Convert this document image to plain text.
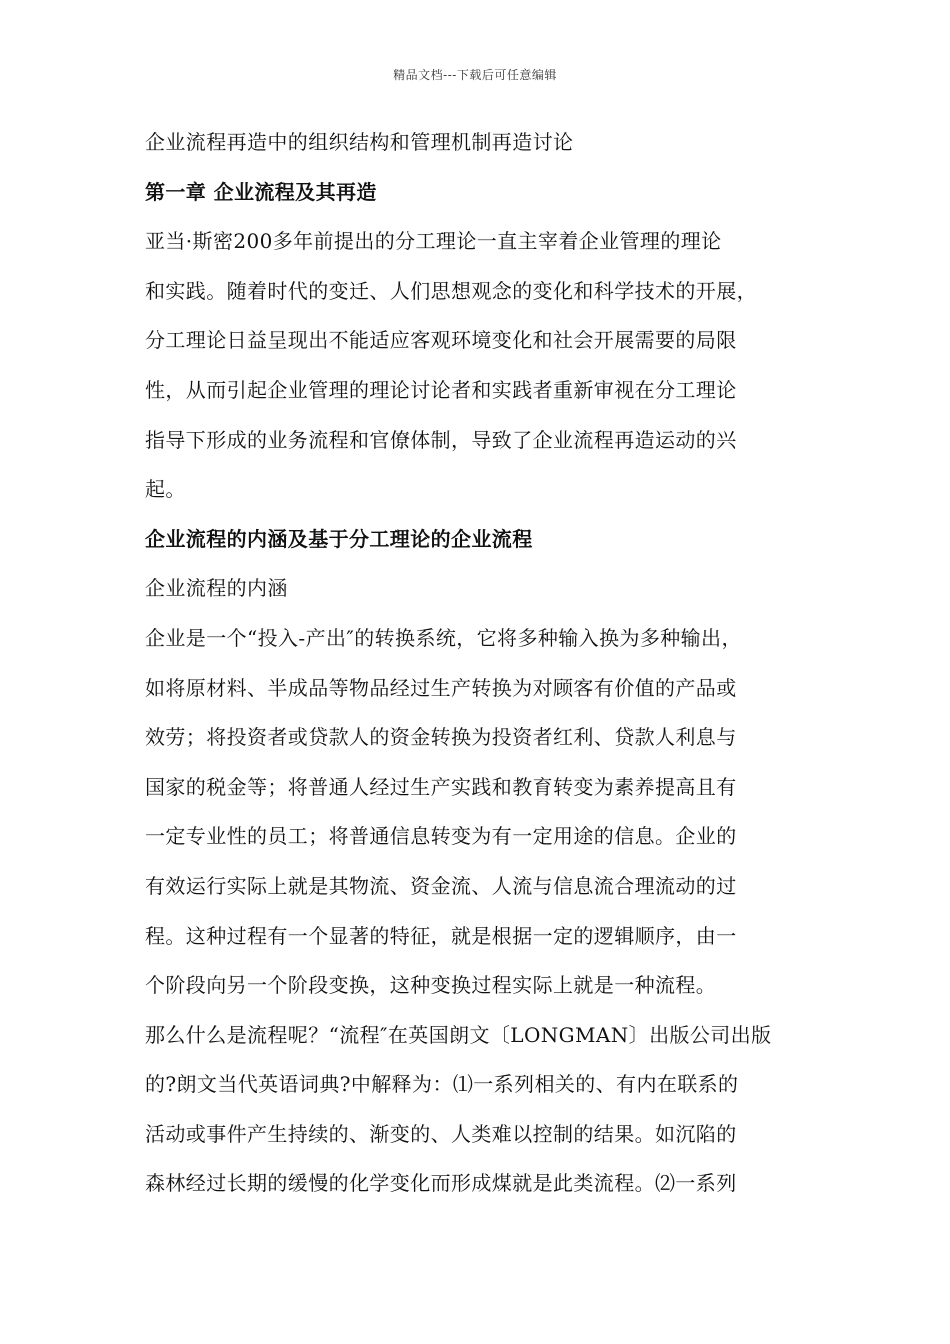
精品文档---下载后可任意编辑
企业流程再造中的组织结构和管理机制再造讨论
第一章 企业流程及其再造
亚当·斯密200多年前提出的分工理论一直主宰着企业管理的理论
和实践。随着时代的变迁、人们思想观念的变化和科学技术的开展，
分工理论日益呈现出不能适应客观环境变化和社会开展需要的局限
性，从而引起企业管理的理论讨论者和实践者重新审视在分工理论
指导下形成的业务流程和官僚体制，导致了企业流程再造运动的兴
起。
企业流程的内涵及基于分工理论的企业流程
企业流程的内涵
企业是一个“投入-产出″的转换系统，它将多种输入换为多种输出，
如将原材料、半成品等物品经过生产转换为对顾客有价值的产品或
效劳；将投资者或贷款人的资金转换为投资者红利、贷款人利息与
国家的税金等；将普通人经过生产实践和教育转变为素养提高且有
一定专业性的员工；将普通信息转变为有一定用途的信息。企业的
有效运行实际上就是其物流、资金流、人流与信息流合理流动的过
程。这种过程有一个显著的特征，就是根据一定的逻辑顺序，由一
个阶段向另一个阶段变换，这种变换过程实际上就是一种流程。
那么什么是流程呢？“流程″在英国朗文〔LONGMAN〕出版公司出版
的?朗文当代英语词典?中解释为：⑴一系列相关的、有内在联系的
活动或事件产生持续的、渐变的、人类难以控制的结果。如沉陷的
森林经过长期的缓慢的化学变化而形成煤就是此类流程。⑵一系列
